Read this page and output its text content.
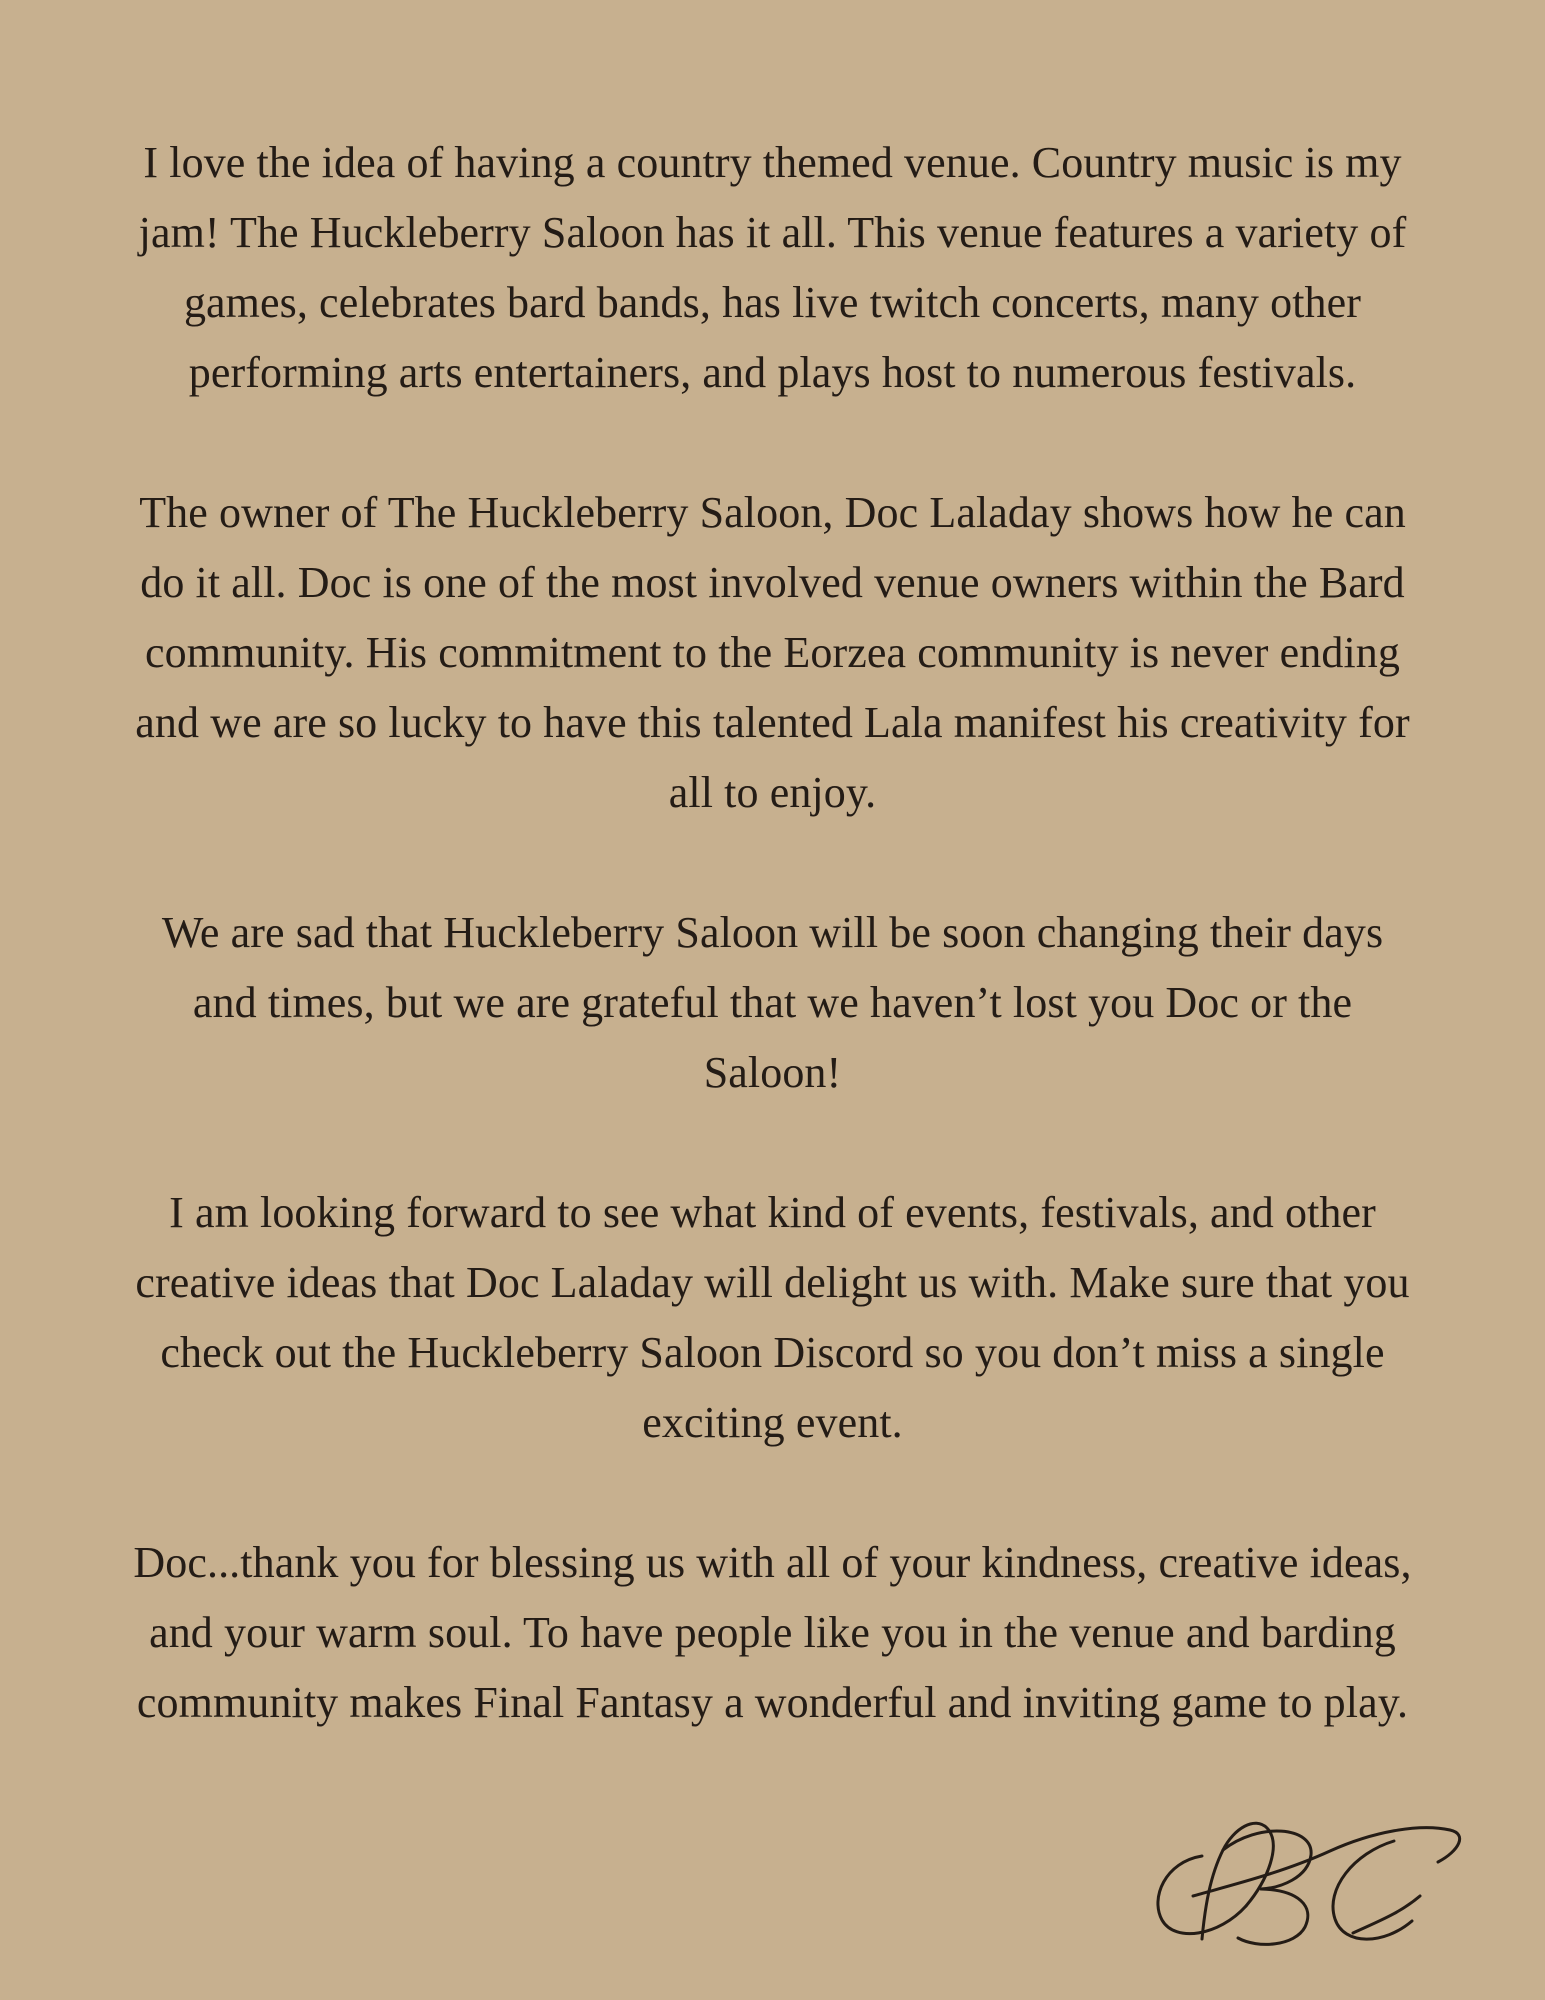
I love the idea of having a country themed venue. Country music is my
jam! The Huckleberry Saloon has it all. This venue features a variety of
games, celebrates bard bands, has live twitch concerts, many other
performing arts entertainers, and plays host to numerous festivals.

The owner of The Huckleberry Saloon, Doc Laladay shows how he can
do it all. Doc is one of the most involved venue owners within the Bard
community. His commitment to the Eorzea community is never ending
and we are so lucky to have this talented Lala manifest his creativity for
all to enjoy.

We are sad that Huckleberry Saloon will be soon changing their days
and times, but we are grateful that we haven’t lost you Doc or the
Saloon!

I am looking forward to see what kind of events, festivals, and other
creative ideas that Doc Laladay will delight us with. Make sure that you
check out the Huckleberry Saloon Discord so you don’t miss a single
exciting event.

Doc...thank you for blessing us with all of your kindness, creative ideas,
and your warm soul. To have people like you in the venue and barding
community makes Final Fantasy a wonderful and inviting game to play.
